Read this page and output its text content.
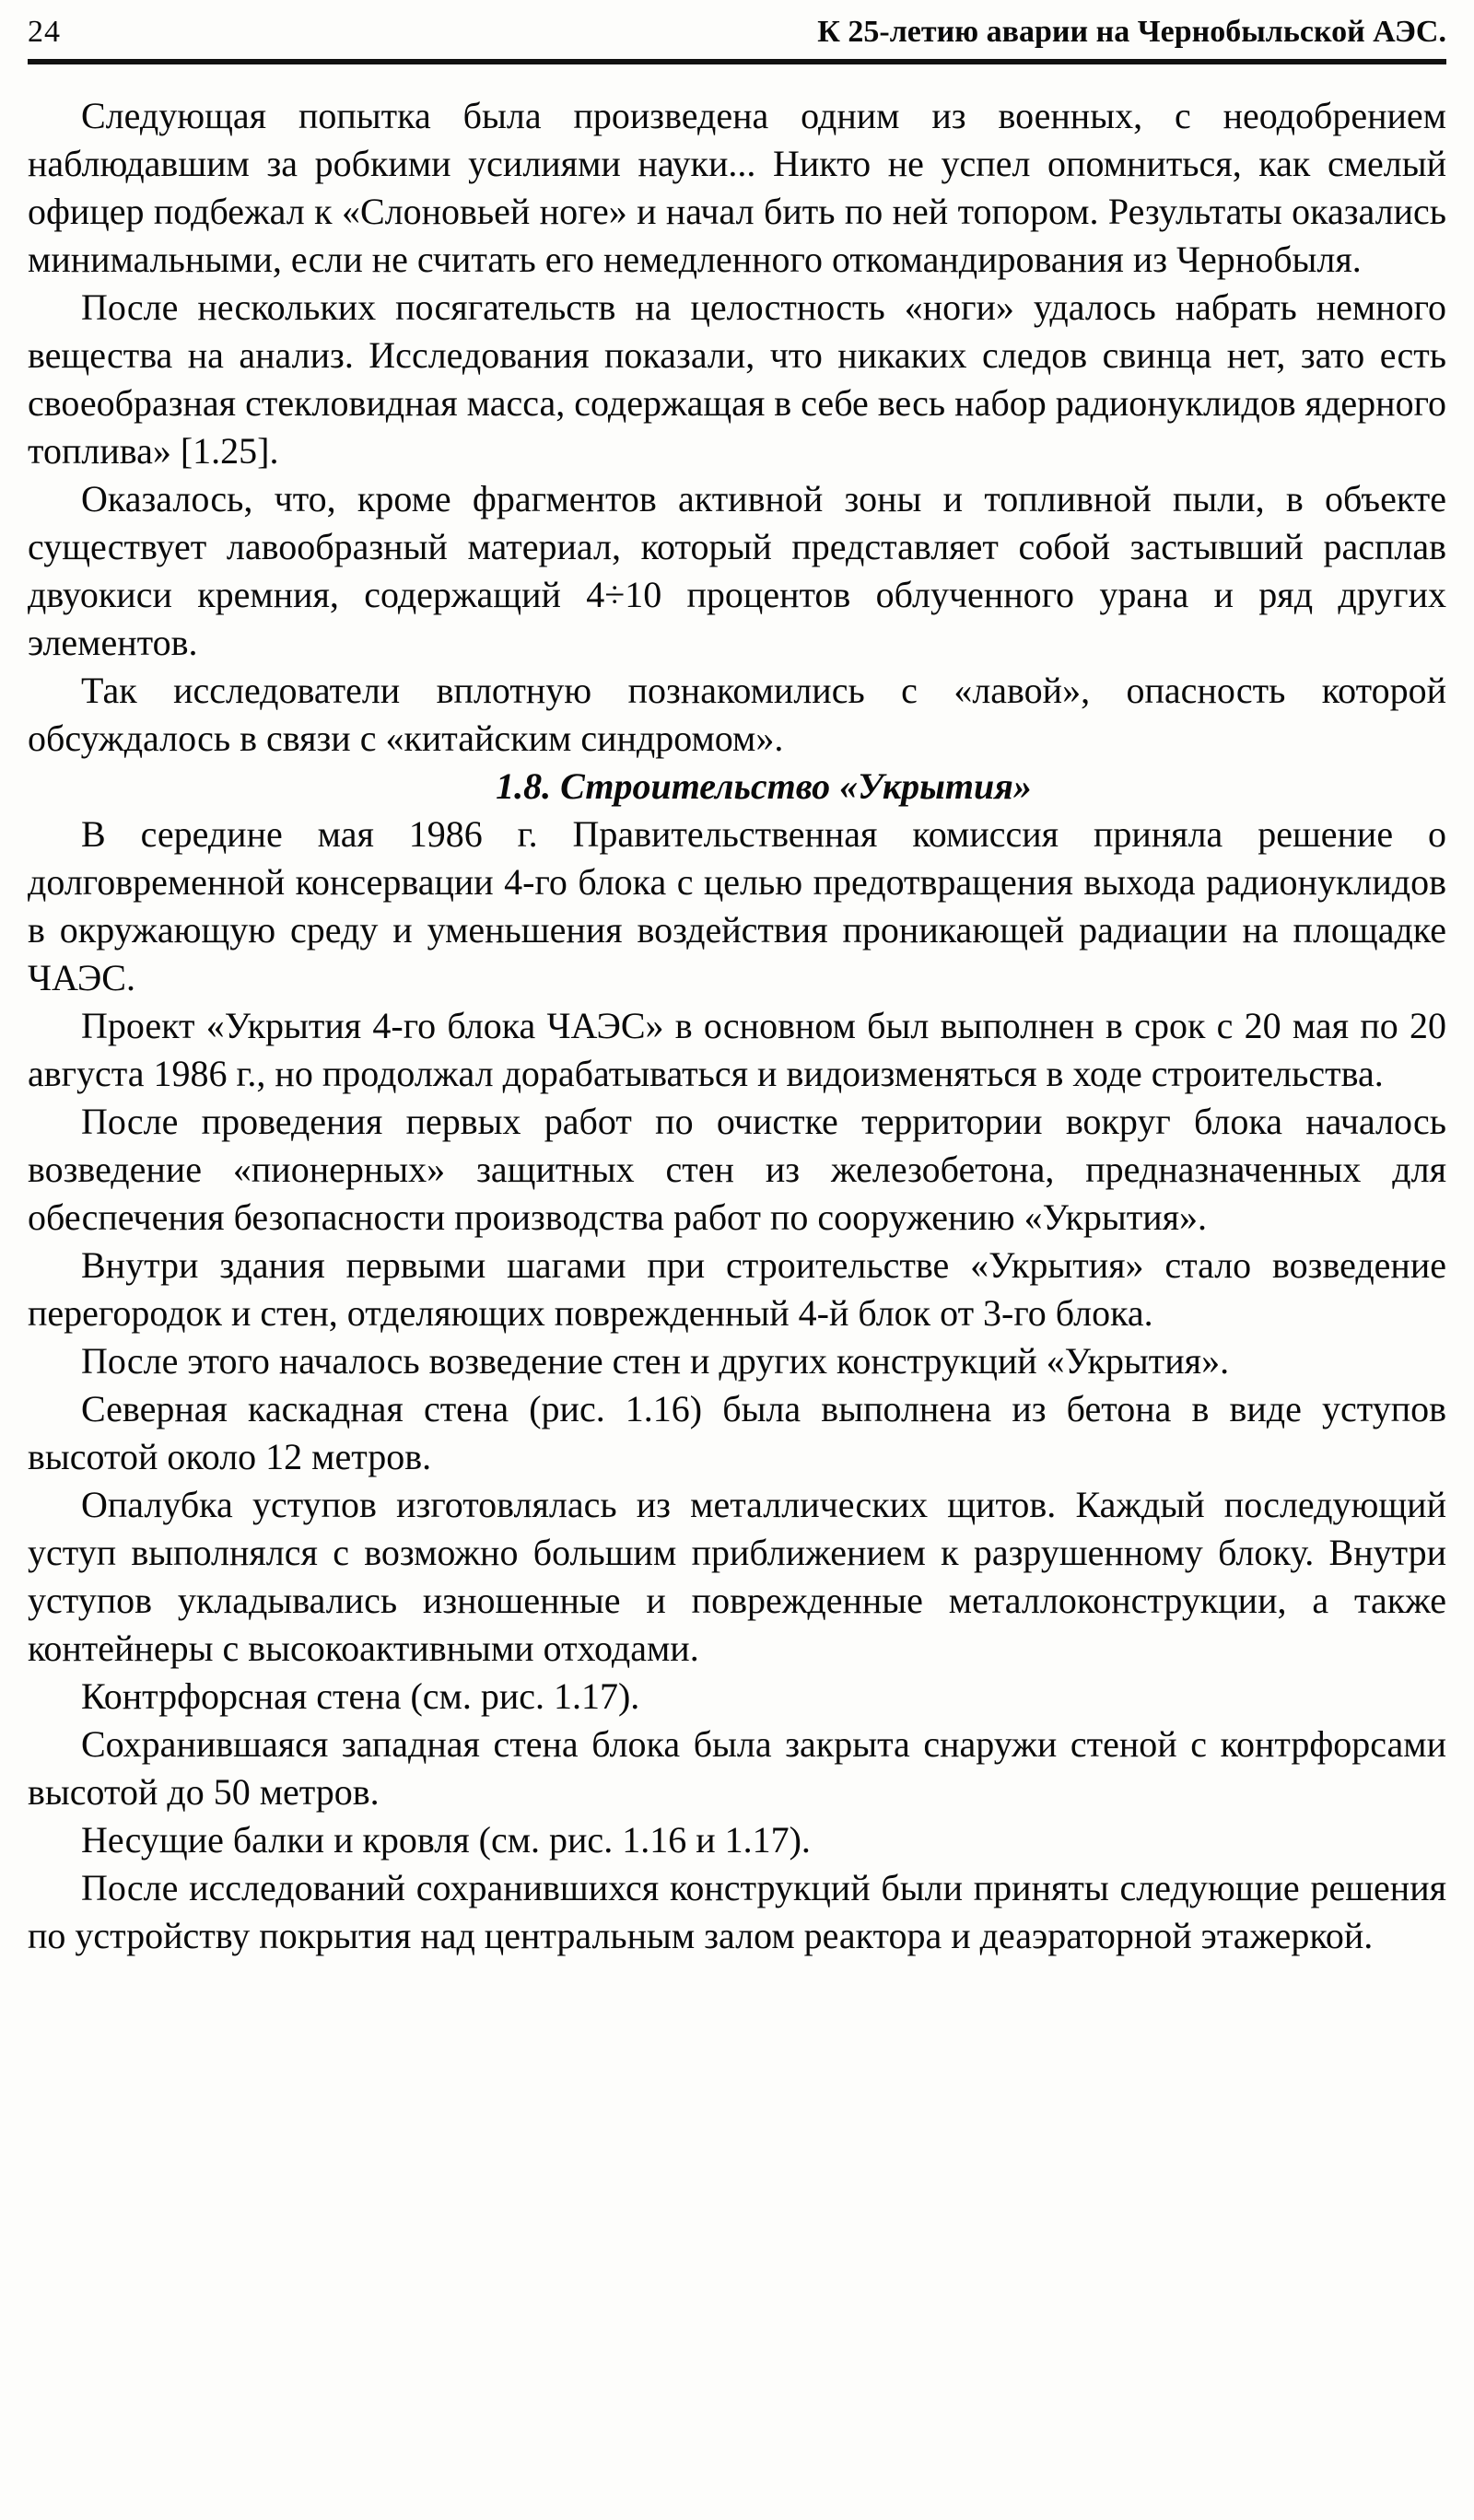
24	К 25-летию аварии на Чернобыльской АЭС.

Следующая попытка была произведена одним из военных, с неодобрением наблюдавшим за робкими усилиями науки... Никто не успел опомниться, как смелый офицер подбежал к «Слоновьей ноге» и начал бить по ней топором. Результаты оказались минимальными, если не считать его немедленного откомандирования из Чернобыля.

После нескольких посягательств на целостность «ноги» удалось набрать немного вещества на анализ. Исследования показали, что никаких следов свинца нет, зато есть своеобразная стекловидная масса, содержащая в себе весь набор радионуклидов ядерного топлива» [1.25].

Оказалось, что, кроме фрагментов активной зоны и топливной пыли, в объекте существует лавообразный материал, который представляет собой застывший расплав двуокиси кремния, содержащий 4÷10 процентов облученного урана и ряд других элементов.

Так исследователи вплотную познакомились с «лавой», опасность которой обсуждалось в связи с «китайским синдромом».

1.8. Строительство «Укрытия»

В середине мая 1986 г. Правительственная комиссия приняла решение о долговременной консервации 4-го блока с целью предотвращения выхода радионуклидов в окружающую среду и уменьшения воздействия проникающей радиации на площадке ЧАЭС.

Проект «Укрытия 4-го блока ЧАЭС» в основном был выполнен в срок с 20 мая по 20 августа 1986 г., но продолжал дорабатываться и видоизменяться в ходе строительства.

После проведения первых работ по очистке территории вокруг блока началось возведение «пионерных» защитных стен из железобетона, предназначенных для обеспечения безопасности производства работ по сооружению «Укрытия».

Внутри здания первыми шагами при строительстве «Укрытия» стало возведение перегородок и стен, отделяющих поврежденный 4-й блок от 3-го блока.

После этого началось возведение стен и других конструкций «Укрытия».

Северная каскадная стена (рис. 1.16) была выполнена из бетона в виде уступов высотой около 12 метров.

Опалубка уступов изготовлялась из металлических щитов. Каждый последующий уступ выполнялся с возможно большим приближением к разрушенному блоку. Внутри уступов укладывались изношенные и поврежденные металлоконструкции, а также контейнеры с высокоактивными отходами.

Контрфорсная стена (см. рис. 1.17).

Сохранившаяся западная стена блока была закрыта снаружи стеной с контрфорсами высотой до 50 метров.

Несущие балки и кровля (см. рис. 1.16 и 1.17).

После исследований сохранившихся конструкций были приняты следующие решения по устройству покрытия над центральным залом реактора и деаэраторной этажеркой.
